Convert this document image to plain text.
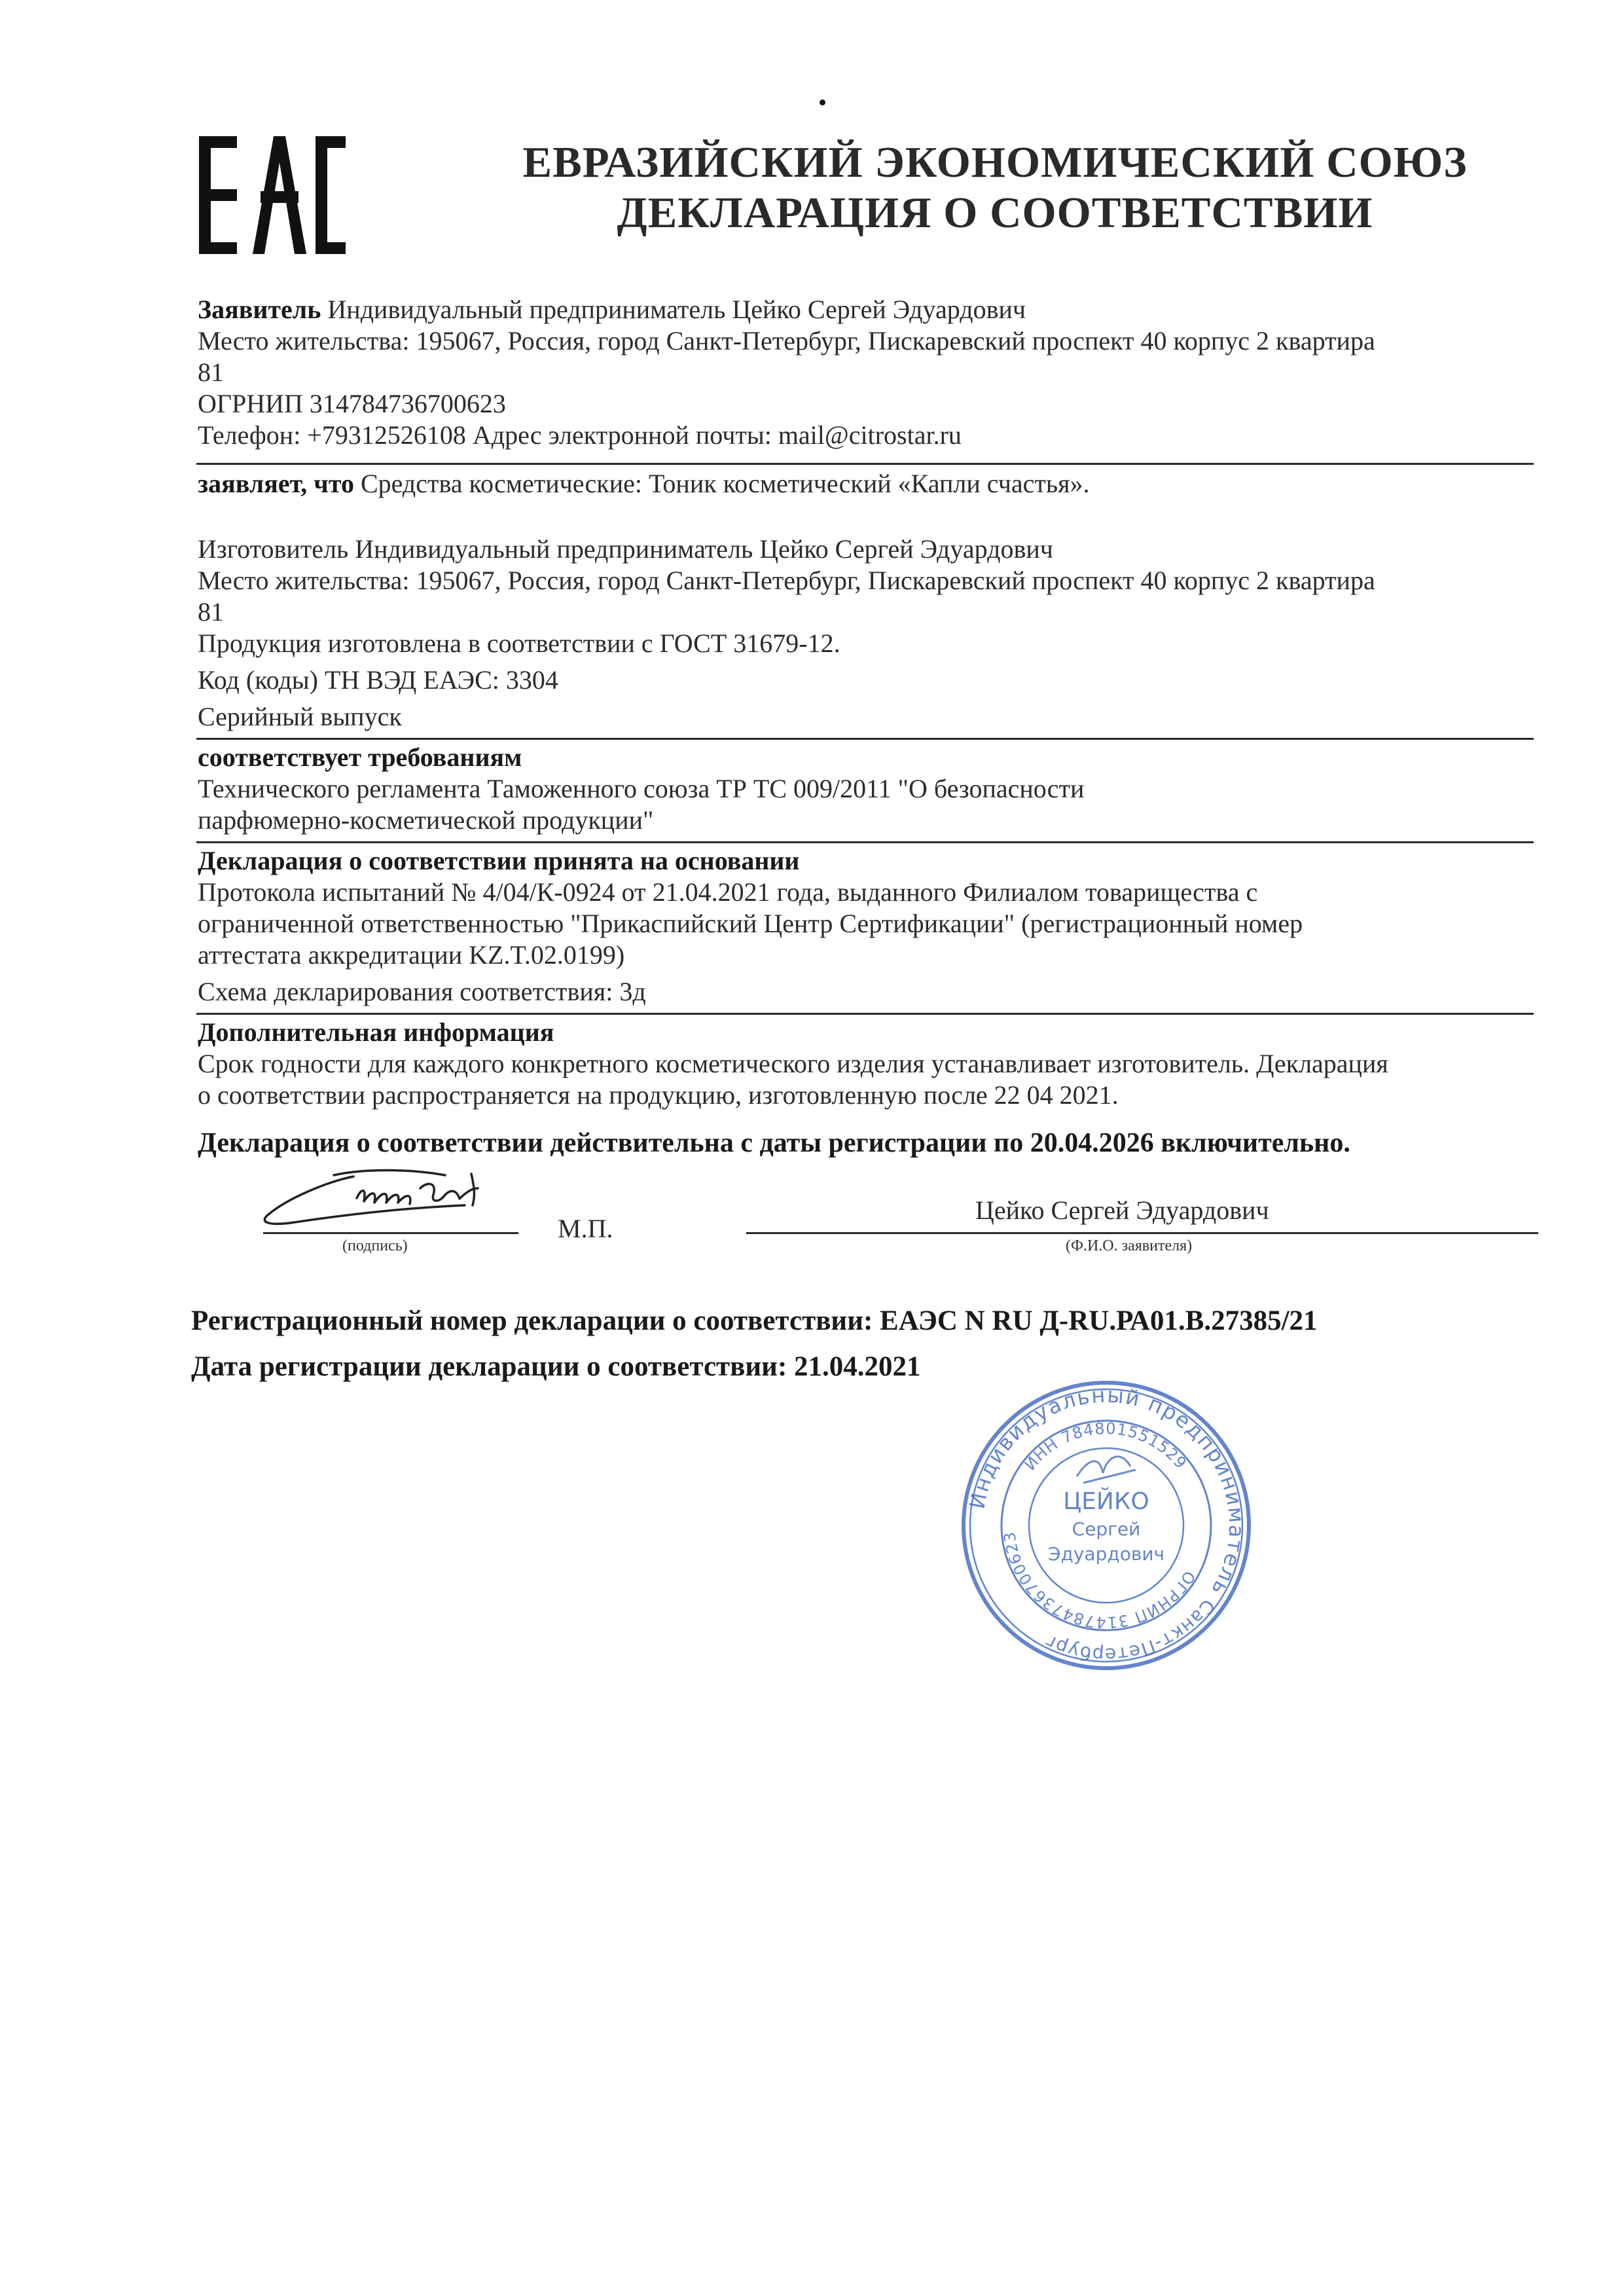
ЕВРАЗИЙСКИЙ ЭКОНОМИЧЕСКИЙ СОЮЗ
ДЕКЛАРАЦИЯ О СООТВЕТСТВИИ
Заявитель Индивидуальный предприниматель Цейко Сергей Эдуардович
Место жительства: 195067, Россия, город Санкт-Петербург, Пискаревский проспект 40 корпус 2 квартира
81
ОГРНИП 314784736700623
Телефон: +79312526108 Адрес электронной почты: mail@citrostar.ru
заявляет, что Средства косметические: Тоник косметический «Капли счастья».
Изготовитель Индивидуальный предприниматель Цейко Сергей Эдуардович
Место жительства: 195067, Россия, город Санкт-Петербург, Пискаревский проспект 40 корпус 2 квартира
81
Продукция изготовлена в соответствии с ГОСТ 31679-12.
Код (коды) ТН ВЭД ЕАЭС: 3304
Серийный выпуск
соответствует требованиям
Технического регламента Таможенного союза ТР ТС 009/2011 "О безопасности
парфюмерно-косметической продукции"
Декларация о соответствии принята на основании
Протокола испытаний № 4/04/К-0924 от 21.04.2021 года, выданного Филиалом товарищества с
ограниченной ответственностью "Прикаспийский Центр Сертификации" (регистрационный номер
аттестата аккредитации KZ.T.02.0199)
Схема декларирования соответствия: 3д
Дополнительная информация
Срок годности для каждого конкретного косметического изделия устанавливает изготовитель. Декларация
о соответствии распространяется на продукцию, изготовленную после 22 04 2021.
Декларация о соответствии действительна с даты регистрации по 20.04.2026 включительно.
М.П.
(подпись)
Цейко Сергей Эдуардович
(Ф.И.О. заявителя)
Регистрационный номер декларации о соответствии: ЕАЭС N RU Д-RU.РА01.В.27385/21
Дата регистрации декларации о соответствии: 21.04.2021
Индивидуальный предприниматель
ИНН 784801551529
ОГРНИП 314784736700623
Санкт-Петербург
ЦЕЙКО
Сергей
Эдуардович
